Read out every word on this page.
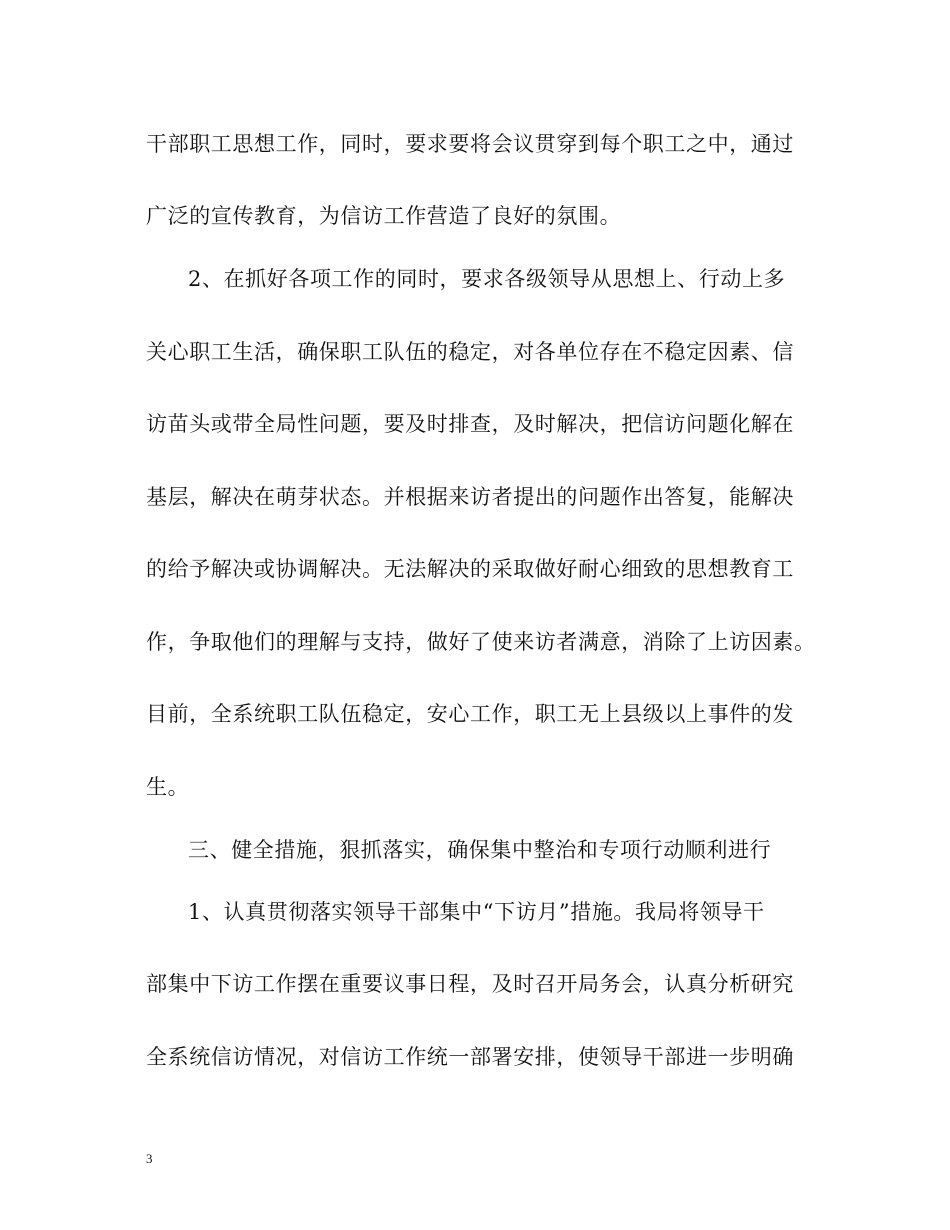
干部职工思想工作，同时，要求要将会议贯穿到每个职工之中，通过
广泛的宣传教育，为信访工作营造了良好的氛围。
2、在抓好各项工作的同时，要求各级领导从思想上、行动上多
关心职工生活，确保职工队伍的稳定，对各单位存在不稳定因素、信
访苗头或带全局性问题，要及时排查，及时解决，把信访问题化解在
基层，解决在萌芽状态。并根据来访者提出的问题作出答复，能解决
的给予解决或协调解决。无法解决的采取做好耐心细致的思想教育工
作，争取他们的理解与支持，做好了使来访者满意，消除了上访因素。
目前，全系统职工队伍稳定，安心工作，职工无上县级以上事件的发
生。
三、健全措施，狠抓落实，确保集中整治和专项行动顺利进行
1、认真贯彻落实领导干部集中“下访月”措施。我局将领导干
部集中下访工作摆在重要议事日程，及时召开局务会，认真分析研究
全系统信访情况，对信访工作统一部署安排，使领导干部进一步明确
3
